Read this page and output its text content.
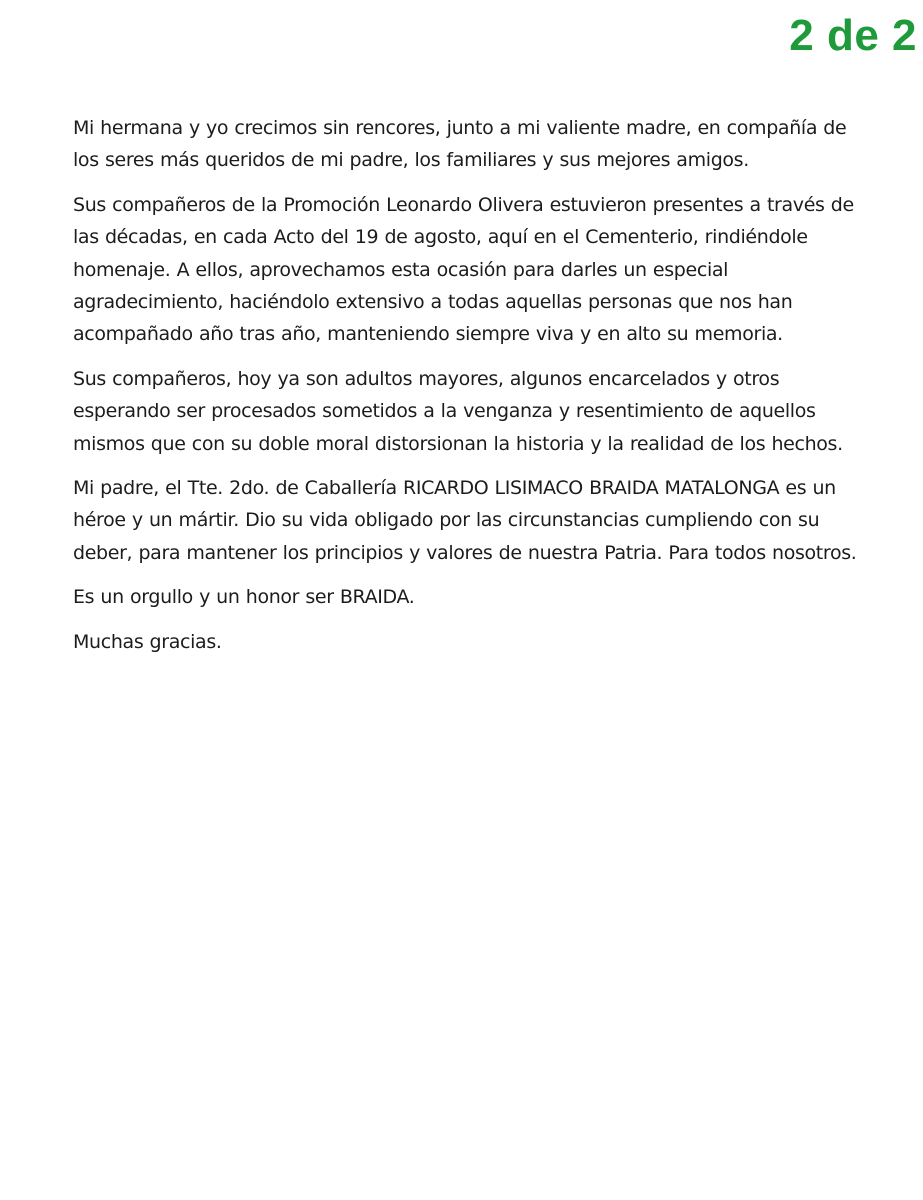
2 de 2

Mi hermana y yo crecimos sin rencores, junto a mi valiente madre, en compañía de los seres más queridos de mi padre, los familiares y sus mejores amigos.

Sus compañeros de la Promoción Leonardo Olivera estuvieron presentes a través de las décadas, en cada Acto del 19 de agosto, aquí en el Cementerio, rindiéndole homenaje. A ellos, aprovechamos esta ocasión para darles un especial agradecimiento, haciéndolo extensivo a todas aquellas personas que nos han acompañado año tras año, manteniendo siempre viva y en alto su memoria.

Sus compañeros, hoy ya son adultos mayores, algunos encarcelados y otros esperando ser procesados sometidos a la venganza y resentimiento de aquellos mismos que con su doble moral distorsionan la historia y la realidad de los hechos.

Mi padre, el Tte. 2do. de Caballería RICARDO LISIMACO BRAIDA MATALONGA es un héroe y un mártir. Dio su vida obligado por las circunstancias cumpliendo con su deber, para mantener los principios y valores de nuestra Patria. Para todos nosotros.

Es un orgullo y un honor ser BRAIDA.

Muchas gracias.
